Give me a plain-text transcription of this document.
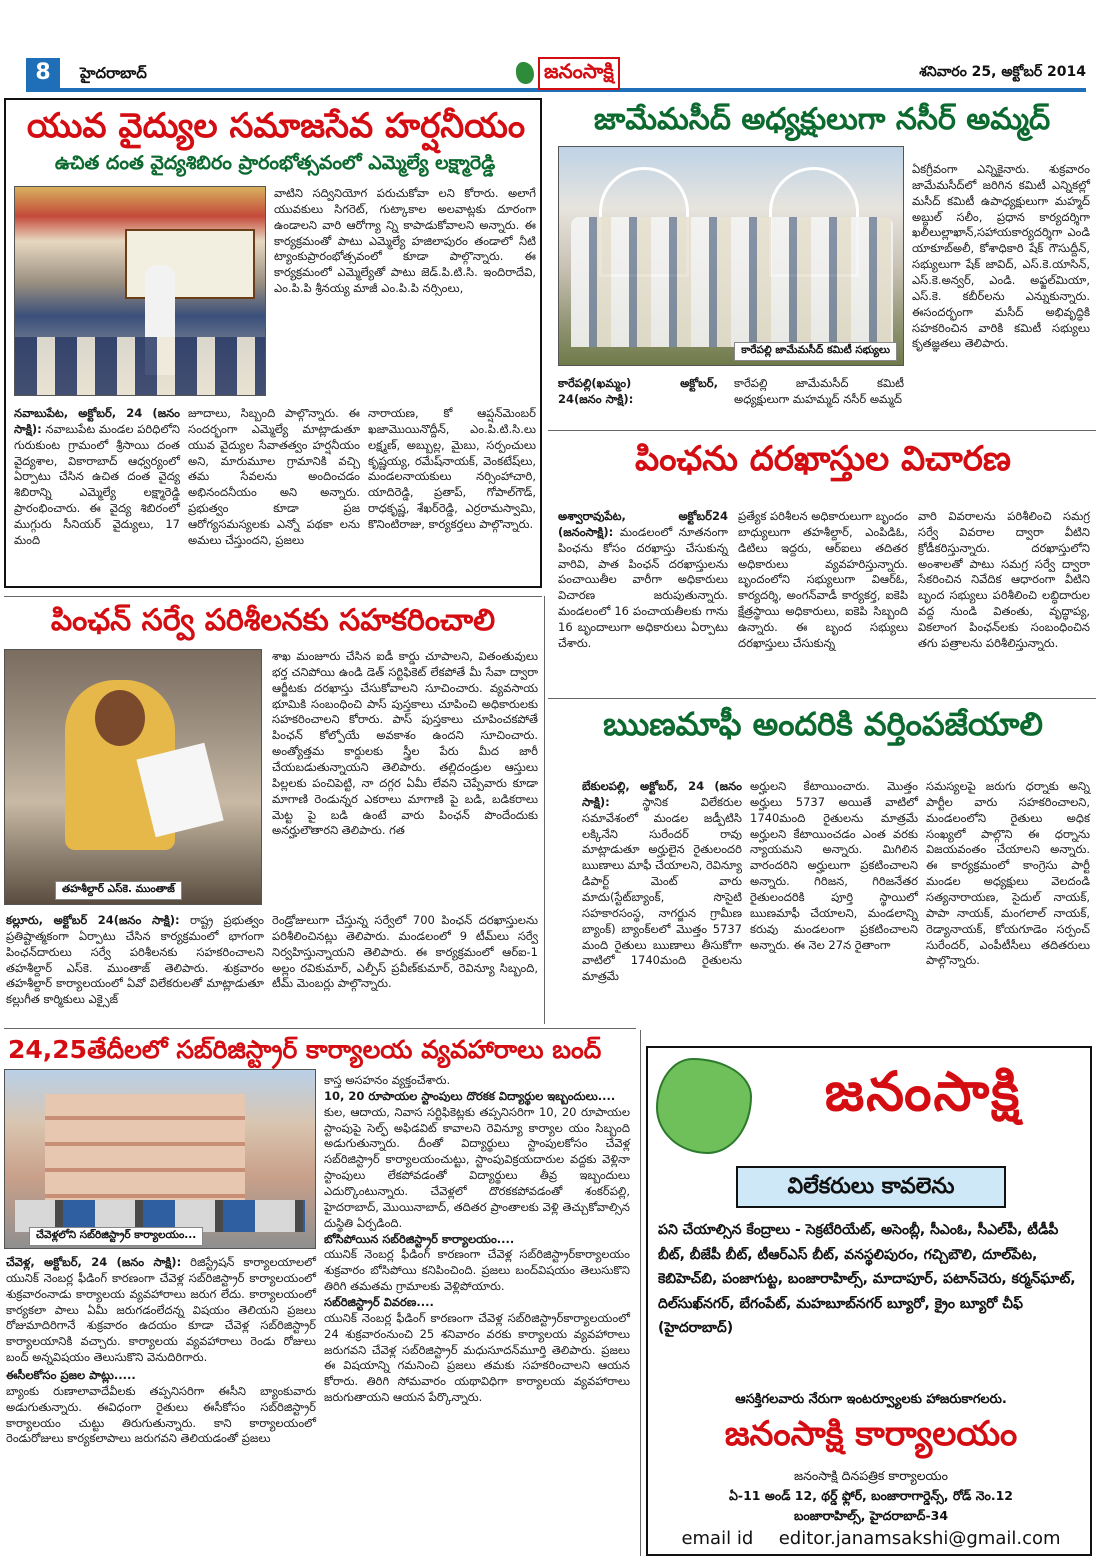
8	హైదరాబాద్	జనంసాక్షి	శనివారం 25, అక్టోబర్ 2014
యువ వైద్యుల సమాజసేవ హర్షనీయం
ఉచిత దంత వైద్యశిబిరం ప్రారంభోత్సవంలో ఎమ్మెల్యే లక్ష్మారెడ్డి
నవాబుపేట, అక్టోబర్, 24 (జనం సాక్షి): నవాబుపేట మండల పరిధిలోని గురుకుంట గ్రామంలో శ్రీసాయి దంత వైద్యశాల, వికారాబాద్ ఆధ్వర్యంలో ఏర్పాటు చేసిన ఉచిత దంత వైద్య శిబిరాన్ని ఎమ్మెల్యే లక్ష్మారెడ్డి ప్రారంభించారు. ఈ వైద్య శిబిరంలో ముగ్గురు సీనియర్ వైద్యులు, 17 మంది
జూదాలు, సిబ్బంది పాల్గొన్నారు. ఈ సందర్భంగా ఎమ్మెల్యే మాట్లాడుతూ యువ వైద్యుల సేవాతత్వం హర్షనీయం అని, మారుమూల గ్రామానికి వచ్చి తమ సేవలను అందించడం అభినందనీయం అని అన్నారు. ప్రభుత్వం కూడా ప్రజ ఆరోగ్యసమస్యలకు ఎన్నో పథకా లను అమలు చేస్తుందని, ప్రజలు
వాటిని సద్వినియోగ పరుచుకోవా లని కోరారు. అలాగే యువకులు సిగరెట్, గుట్కాకాల అలవాట్లకు దూరంగా ఉండాలని వారి ఆరోగ్యా న్ని కాపాడుకోవాలని అన్నారు. ఈ కార్యక్రమంతో పాటు ఎమ్మెల్యే హజిలాపురం తండాలో నీటి ట్యాంకుప్రారంభోత్సవంలో కూడా పాల్గొన్నారు. ఈ కార్యక్రమంలో ఎమ్మెల్యేతో పాటు జెడ్.పి.టి.సి. ఇందిరాదేవి, ఎం.పి.పి శ్రీనయ్య మాజీ ఎం.పి.పి నర్సింలు,
నారాయణ, కో ఆప్షన్‌మెంబర్ ఖజామొయినొద్దీన్, ఎం.పి.టి.సి.లు లక్ష్మణ్, అబ్బుల్ల, మైబు, సర్పంచులు కృష్ణయ్య, రమేష్‌నాయక్, వెంకటేష్‌లు, మండలనాయకులు నర్సింహాచారి, యాదిరెడ్డి, ప్రతాప్, గోపాల్‌గౌడ్, రాధకృష్ణ, శేఖర్‌రెడ్డి, ఎర్రరామస్వామి, కొనింటిరాజు, కార్యకర్తలు పాల్గొన్నారు.
జామేమసీద్ అధ్యక్షులుగా నసీర్ అమ్మద్
కారేపల్లి జామేమసీద్ కమిటీ సభ్యులు
కారేపల్లి(ఖమ్మం) అక్టోబర్, 24(జనం సాక్షి):
కారేపల్లి జామేమసీద్ కమిటీ అధ్యక్షులుగా మహమ్మద్ నసీర్ అమ్మద్
ఏకగ్రీవంగా ఎన్నికైనారు. శుక్రవారం జామేమసీద్‌లో జరిగిన కమిటీ ఎన్నికల్లో మసీద్ కమిటీ ఉపాధ్యక్షులుగా మహ్మద్ అబ్దుల్ సలీం, ప్రధాన కార్యదర్శిగా ఖలీలుల్లాఖాన్,సహాయకార్యదర్శిగా ఎండి యాకూబ్‌అలీ, కోశాధికారి షేక్ గౌసుద్దీన్, సభ్యులుగా షేక్ జావిద్, ఎస్.కె.యాసిన్, ఎస్.కె.అన్వర్, ఎండి. అఫ్జల్‌మియా, ఎస్.కె. కబీర్‌లను ఎన్నుకున్నారు. ఈసందర్భంగా మసీద్ అభివృద్ధికి సహకరించిన వారికి కమిటీ సభ్యులు కృతజ్ఞతలు తెలిపారు.
పింఛను దరఖాస్తుల విచారణ
అశ్వారావుపేట, అక్టోబర్24 (జనంసాక్షి): మండలంలో నూతనంగా పింఛను కోసం దరఖాస్తు చేసుకున్న వారివి, పాత పింఛన్ దరఖాస్తులను పంచాయితీల వారీగా అధికారులు విచారణ జరుపుతున్నారు. మండలంలో 16 పంచాయతీలకు గాను 16 బృందాలుగా అధికారులు ఏర్పాటు చేశారు.
ప్రత్యేక పరిశీలన అధికారులుగా బృందం బాధ్యులుగా తహశీల్దార్, ఎంపిడిఓ, డిటిలు ఇద్దరు, ఆర్‌ఐలు తదితర అధికారులు వ్యవహరిస్తున్నారు. బృందంలోని సభ్యులుగా విఆర్‌ఓ, కార్యదర్శి, అంగన్‌వాడీ కార్యకర్త, ఐకెపి క్షేత్రస్థాయి అధికారులు, ఐకెపి సిబ్బంది ఉన్నారు. ఈ బృంద సభ్యులు దరఖాస్తులు చేసుకున్న
వారి వివరాలను పరిశీలించి సమగ్ర సర్వే వివరాల ద్వారా వీటిని క్రోడీకరిస్తున్నారు. దరఖాస్తులోని అంశాలతో పాటు సమగ్ర సర్వే ద్వారా సేకరించిన నివేదిక ఆధారంగా వీటిని బృంద సభ్యులు పరిశీలించి లబ్ధిదారుల వద్ద నుండి వితంతు, వృద్ధాప్య, వికలాంగ పింఛన్‌లకు సంబంధించిన తగు పత్రాలను పరిశీలిస్తున్నారు.
పింఛన్ సర్వే పరిశీలనకు సహకరించాలి
తహశీల్దార్ ఎస్‌కె. ముంతాజ్
శాఖ మంజూరు చేసిన ఐడీ కార్డు చూపాలని, వితంతువులు భర్త చనిపోయి ఉండి డెత్ సర్టిఫికెట్ లేకపోతే మీ సేవా ద్వారా ఆర్జీటకు దరఖాస్తు చేసుకోవాలని సూచించారు. వ్యవసాయ భూమికి సంబంధించి పాస్ పుస్తకాలు చూపించి అధికారులకు సహకరించాలని కోరారు. పాస్ పుస్తకాలు చూపించకపోతే పింఛన్ కోల్పోయే అవకాశం ఉందని సూచించారు. అంత్యోత్తమ కార్డులకు స్త్రీల పేరు మీద జారీ చేయబడుతున్నాయని తెలిపారు. తల్లిదండ్రుల ఆస్తులు పిల్లలకు పంచిపెట్టి, నా దగ్గర ఏమీ లేవని చెప్పేవారు కూడా మాగాణి రెండున్నర ఎకరాలు మాగాణి పై బడి, బడికరాలు మెట్ట పై బడి ఉంటే వారు పింఛన్ పొందేందుకు అనర్హులౌతారని తెలిపారు. గత
కల్లూరు, అక్టోబర్ 24(జనం సాక్షి): రాష్ట్ర ప్రభుత్వం ప్రతిష్టాత్మకంగా ఏర్పాటు చేసిన కార్యక్రమంలో భాగంగా పింఛన్‌దారులు సర్వే పరిశీలనకు సహకరించాలని తహశీల్దార్ ఎస్‌కె. ముంతాజ్ తెలిపారు. శుక్రవారం తహశీల్దార్ కార్యాలయంలో ఏవో విలేకరులతో మాట్లాడుతూ కల్లుగీత కార్మికులు ఎక్సైజ్
రెండ్రోజులుగా చేస్తున్న సర్వేలో 700 పింఛన్ దరఖాస్తులను పరిశీలించినట్లు తెలిపారు. మండలంలో 9 టీమ్‌లు సర్వే నిర్వహిస్తున్నాయని తెలిపారు. ఈ కార్యక్రమంలో ఆర్‌ఐ-1 అల్లం రవికుమార్, ఎల్పీస్ ప్రవీణ్‌కుమార్, రెవిన్యూ సిబ్బంది, టీమ్ మెంబర్లు పాల్గొన్నారు.
ఋణమాఫీ అందరికి వర్తింపజేయాలి
బేకులపల్లి, అక్టోబర్, 24 (జనం సాక్షి): స్థానిక విలేకరుల సమావేశంలో మండల జడ్పీటిసి లక్కినేని సురేందర్ రావు మాట్లాడుతూ అర్హులైన రైతులందరి ఋణాలు మాఫీ చేయాలని, రెవిన్యూ డిపార్ట్ మెంట్ వారు మాదు(స్టేట్‌బ్యాంక్, సొసైటి సహకారసంస్థ, నాగర్జున గ్రామీణ బ్యాంక్) బ్యాంక్‌లలో మొత్తం 5737 మంది రైతులు ఋణాలు తీసుకోగా వాటిలో 1740మంది రైతులను మాత్రమే
అర్హులని కేటాయించారు. మొత్తం అర్హులు 5737 అయితే వాటిలో 1740మంది రైతులను మాత్రమే అర్హులని కేటాయించడం ఎంత వరకు న్యాయమని అన్నారు. మిగిలిన వారందరిని అర్హులుగా ప్రకటించాలని అన్నారు. గిరిజన, గిరిజనేతర రైతులందరికి పూర్తి స్థాయిలో ఋణమాఫీ చేయాలని, మండలాన్ని కరువు మండలంగా ప్రకటించాలని అన్నారు. ఈ నెల 27న రైతాంగా
సమస్యలపై జరుగు ధర్నాకు అన్ని పార్టీల వారు సహకరించాలని, మండలంలోని రైతులు అధిక సంఖ్యలో పాల్గొని ఈ ధర్నాను విజయవంతం చేయాలని అన్నారు. ఈ కార్యక్రమంలో కాంగ్రెసు పార్టీ మండల అధ్యక్షులు వెలదండి సత్యనారాయణ, సైదుల్ నాయక్, పాపా నాయక్, మంగలాల్ నాయక్, రెడ్యానాయక్, కోయగూడెం సర్పంచ్ సురేందర్, ఎంపీటీసీలు తదితరులు పాల్గొన్నారు.
24,25తేదీలలో సబ్‌రిజిస్ట్రార్ కార్యాలయ వ్యవహారాలు బంద్
చేవెళ్లలోని సబ్‌రిజిస్ట్రార్ కార్యాలయం...
చేవెళ్ల, అక్టోబర్, 24 (జనం సాక్షి): రిజిస్ట్రేషన్ కార్యాలయాలలో యునిక్ నెంబర్ల ఫీడింగ్ కారణంగా చేవెళ్ల సబ్‌రిజిస్ట్రార్ కార్యాలయంలో శుక్రవారంనాడు కార్యాలయ వ్యవహారాలు జరుగ లేదు. కార్యాలయంలో కార్యకలా పాలు ఏమీ జరుగడంలేదన్న విషయం తెలియని ప్రజలు రోజుమాదిరిగానే శుక్రవారం ఉదయం కూడా చేవెళ్ల సబ్‌రిజిస్ట్రార్ కార్యాలయానికి వచ్చారు. కార్యాలయ వ్యవహారాలు రెండు రోజులు బంద్ అన్నవిషయం తెలుసుకొని వెనుదిరిగారు.

ఈసీలకోసం ప్రజల పాట్లు.....

బ్యాంకు రుణాలావాదేవీలకు తప్పనిసరిగా ఈసీని బ్యాంకువారు అడుగుతున్నారు. ఈవిధంగా రైతులు ఈసీకోసం సబ్‌రిజిస్ట్రార్ కార్యాలయం చుట్టు తిరుగుతున్నారు. కాని కార్యాలయంలో రెండురోజులు కార్యకలాపాలు జరుగవని తెలియడంతో ప్రజలు

కాస్త అసహనం వ్యక్తంచేశారు.

10, 20 రూపాయల స్టాంపులు దొరకక విద్యార్థుల ఇబ్బందులు....

కుల, ఆదాయ, నివాస సర్టిఫికెట్లకు తప్పనిసరిగా 10, 20 రూపాయల స్టాంపుపై సెల్ఫ్ అఫిడవిట్ కావాలని రెవిన్యూ కార్యాల యం సిబ్బంది అడుగుతున్నారు. దీంతో విద్యార్థులు స్టాంపులకోసం చేవెళ్ల సబ్‌రిజిస్ట్రార్ కార్యాలయంచుట్టు, స్టాంపువిక్రయదారుల వద్దకు వెళ్లినా స్టాంపులు లేకపోవడంతో విద్యార్థులు తీవ్ర ఇబ్బందులు ఎదుర్కొంటున్నారు. చేవెళ్లలో దొరకకపోవడంతో శంకర్‌పల్లి, హైదరాబాద్, మొయినాబాద్, తదితర ప్రాంతాలకు వెళ్లి తెచ్చుకోవాల్సిన దుస్థితి ఏర్పడింది.

బోసిపోయిన సబ్‌రిజిస్ట్రార్ కార్యాలయం....

యునిక్ నెంబర్ల ఫీడింగ్ కారణంగా చేవెళ్ల సబ్‌రిజిస్ట్రార్‌కార్యాలయం శుక్రవారం బోసిపోయి కనిపించింది. ప్రజలు బంద్‌విషయం తెలుసుకొని తిరిగి తమతమ గ్రామాలకు వెళ్లిపోయారు.

సబ్‌రిజిస్ట్రార్ వివరణ....

యునిక్ నెంబర్ల ఫీడింగ్ కారణంగా చేవెళ్ల సబ్‌రిజిస్ట్రార్‌కార్యాలయంలో 24 శుక్రవారంనుంచి 25 శనివారం వరకు కార్యాలయ వ్యవహారాలు జరుగవని చేవెళ్ల సబ్‌రిజిస్ట్రార్ మధుసూదన్‌మూర్తి తెలిపారు. ప్రజలు ఈ విషయాన్ని గమనించి ప్రజలు తమకు సహకరించాలని ఆయన కోరారు. తిరిగి సోమవారం యథావిధిగా కార్యాలయ వ్యవహారాలు జరుగుతాయని ఆయన పేర్కొన్నారు.

జనంసాక్షి
విలేకరులు కావలెను
పని చేయాల్సిన కేంద్రాలు - సెక్రటేరియేట్, అసెంబ్లీ, సీఎంఓ, సీఎల్‌పీ, టీడీపీ బీట్, బీజేపీ బీట్, టీఆర్‌ఎస్ బీట్, వనస్థలిపురం, గచ్చిబౌలి, దూల్‌పేట, కెబిహెచ్‌బి, పంజాగుట్ట, బంజారాహిల్స్, మాదాపూర్, పటాన్‌చెరు, కర్మన్‌ఘాట్, దిల్‌సుఖ్‌నగర్, బేగంపేట్, మహబూబ్‌నగర్ బ్యూరో, క్రైం బ్యూరో చీఫ్ (హైదరాబాద్)
ఆసక్తిగలవారు నేరుగా ఇంటర్వ్యూలకు హాజరుకాగలరు.
జనంసాక్షి కార్యాలయం
జనంసాక్షి దినపత్రిక కార్యాలయం
ఏ-11 అండ్ 12, థర్డ్ ఫ్లోర్, బంజారాగార్డెన్స్, రోడ్ నెం.12
బంజారాహిల్స్, హైదరాబాద్-34
email id editor.janamsakshi@gmail.com
